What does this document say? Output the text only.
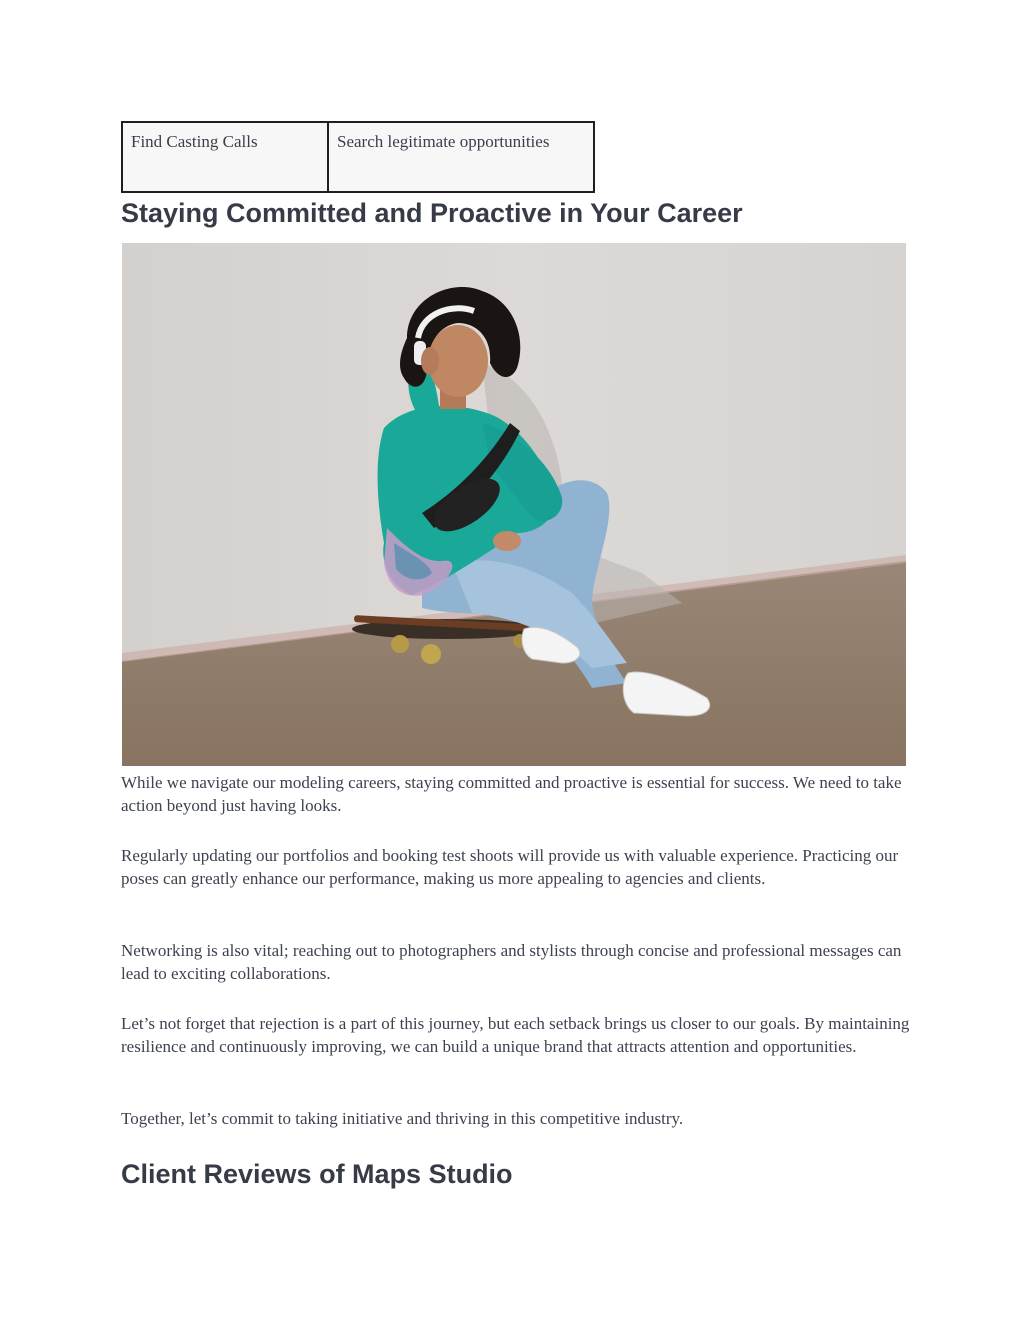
Find Casting Calls	Search legitimate opportunities
Staying Committed and Proactive in Your Career

While we navigate our modeling careers, staying committed and proactive is essential for success. We need to take action beyond just having looks.

Regularly updating our portfolios and booking test shoots will provide us with valuable experience. Practicing our poses can greatly enhance our performance, making us more appealing to agencies and clients.

Networking is also vital; reaching out to photographers and stylists through concise and professional messages can lead to exciting collaborations.

Let’s not forget that rejection is a part of this journey, but each setback brings us closer to our goals. By maintaining resilience and continuously improving, we can build a unique brand that attracts attention and opportunities.

Together, let’s commit to taking initiative and thriving in this competitive industry.

Client Reviews of Maps Studio
